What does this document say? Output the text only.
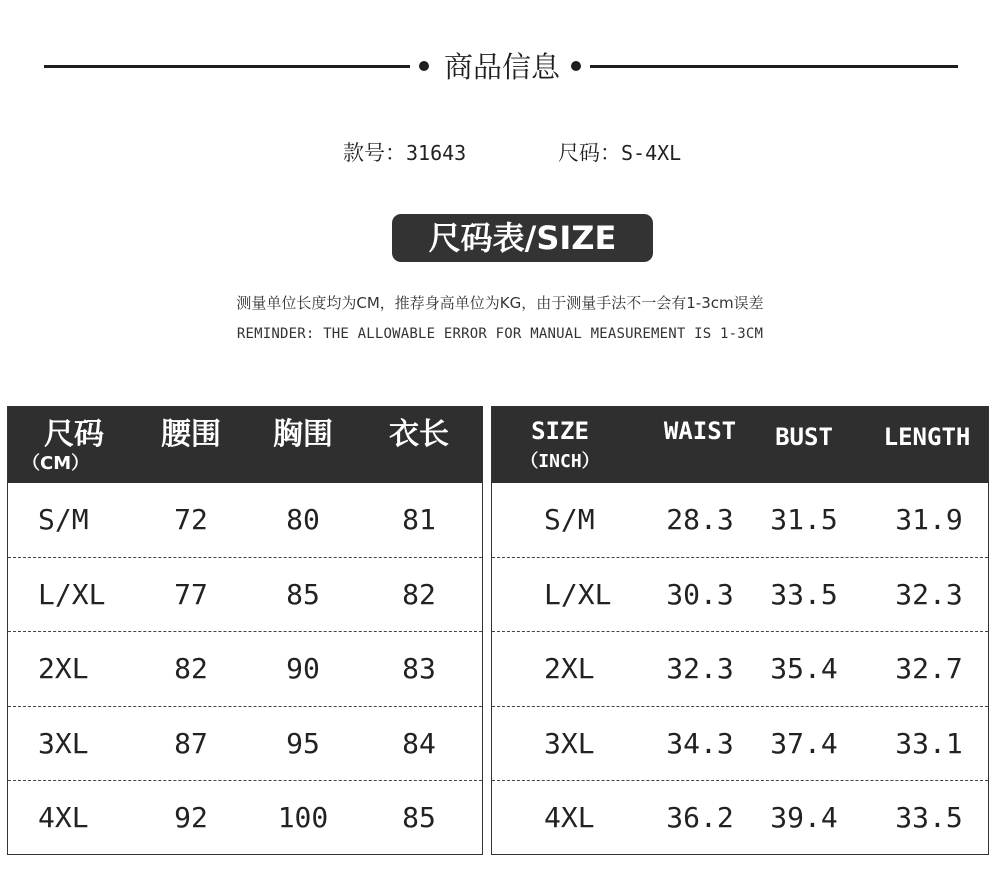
商品信息
款号：31643	尺码：S-4XL
尺码表/SIZE
测量单位长度均为CM，推荐身高单位为KG，由于测量手法不一会有1-3cm误差
REMINDER: THE ALLOWABLE ERROR FOR MANUAL MEASUREMENT IS 1-3CM
尺码
（CM）
腰围	胸围	衣长
S/M	72	80	81
L/XL	77	85	82
2XL	82	90	83
3XL	87	95	84
4XL	92	100	85
SIZE
（INCH）
WAIST	BUST	LENGTH
S/M	28.3	31.5	31.9
L/XL	30.3	33.5	32.3
2XL	32.3	35.4	32.7
3XL	34.3	37.4	33.1
4XL	36.2	39.4	33.5
